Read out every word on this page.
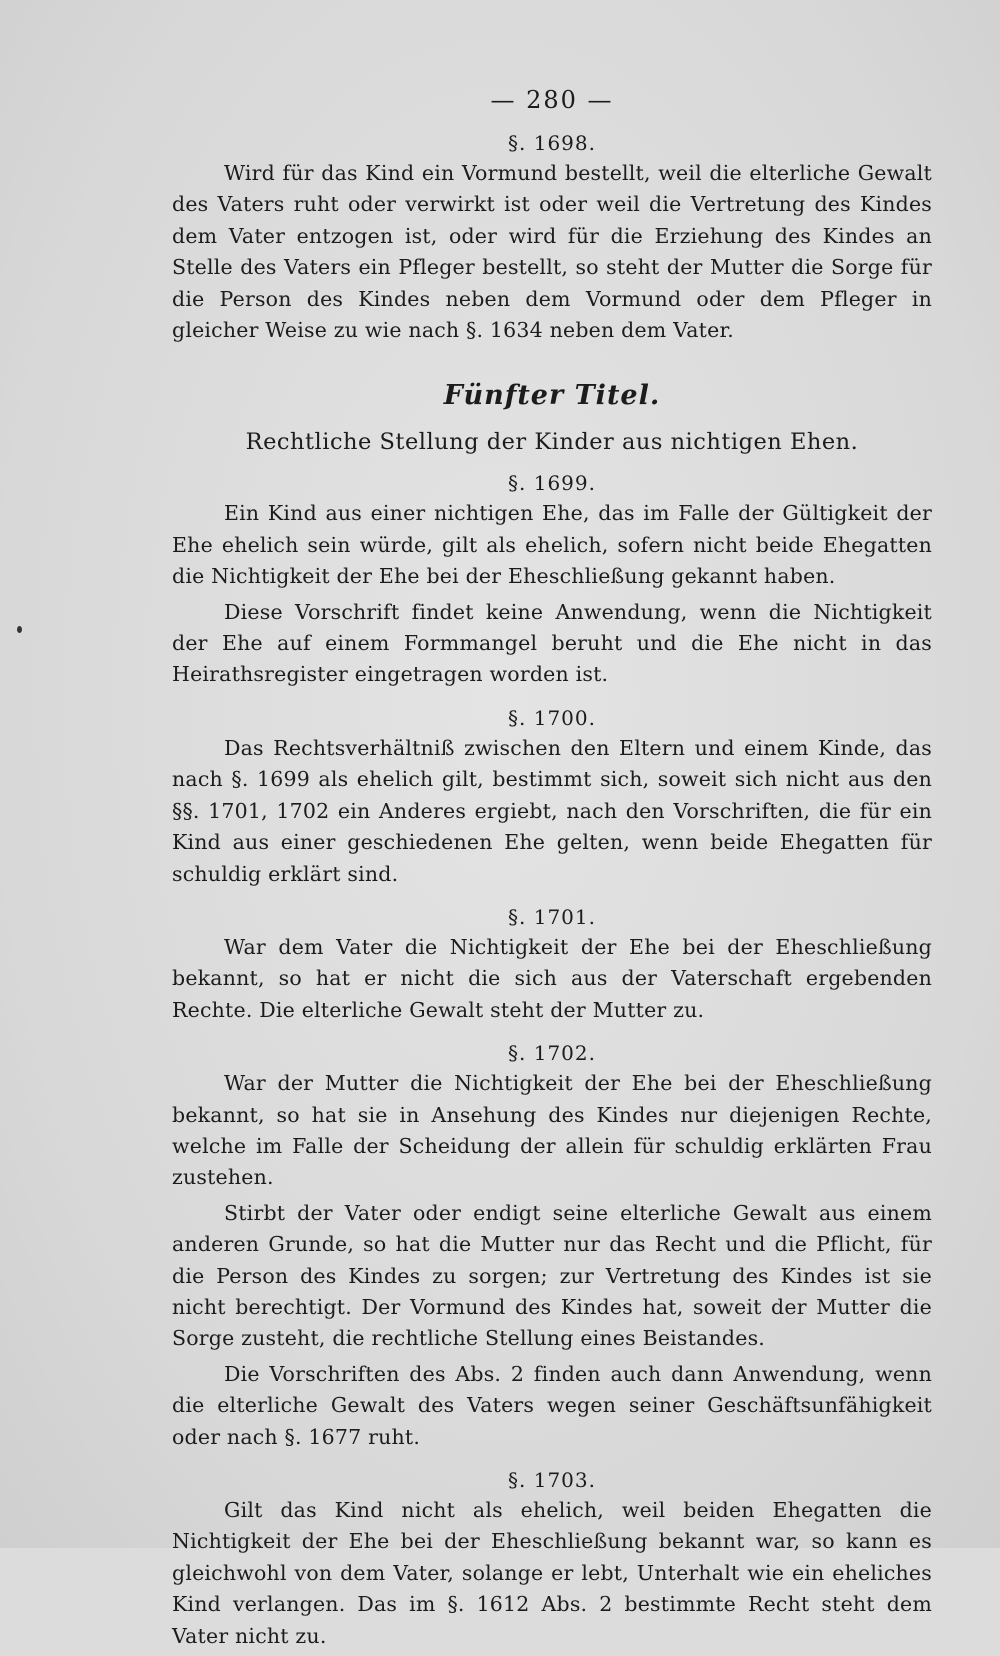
— 280 —
§. 1698.

Wird für das Kind ein Vormund bestellt, weil die elterliche Gewalt des Vaters ruht oder verwirkt ist oder weil die Vertretung des Kindes dem Vater entzogen ist, oder wird für die Erziehung des Kindes an Stelle des Vaters ein Pfleger bestellt, so steht der Mutter die Sorge für die Person des Kindes neben dem Vormund oder dem Pfleger in gleicher Weise zu wie nach §. 1634 neben dem Vater.

Fünfter Titel.
Rechtliche Stellung der Kinder aus nichtigen Ehen.
§. 1699.

Ein Kind aus einer nichtigen Ehe, das im Falle der Gültigkeit der Ehe ehelich sein würde, gilt als ehelich, sofern nicht beide Ehegatten die Nichtigkeit der Ehe bei der Eheschließung gekannt haben.

Diese Vorschrift findet keine Anwendung, wenn die Nichtigkeit der Ehe auf einem Formmangel beruht und die Ehe nicht in das Heirathsregister eingetragen worden ist.

§. 1700.

Das Rechtsverhältniß zwischen den Eltern und einem Kinde, das nach §. 1699 als ehelich gilt, bestimmt sich, soweit sich nicht aus den §§. 1701, 1702 ein Anderes ergiebt, nach den Vorschriften, die für ein Kind aus einer geschiedenen Ehe gelten, wenn beide Ehegatten für schuldig erklärt sind.

§. 1701.

War dem Vater die Nichtigkeit der Ehe bei der Eheschließung bekannt, so hat er nicht die sich aus der Vaterschaft ergebenden Rechte. Die elterliche Gewalt steht der Mutter zu.

§. 1702.

War der Mutter die Nichtigkeit der Ehe bei der Eheschließung bekannt, so hat sie in Ansehung des Kindes nur diejenigen Rechte, welche im Falle der Scheidung der allein für schuldig erklärten Frau zustehen.

Stirbt der Vater oder endigt seine elterliche Gewalt aus einem anderen Grunde, so hat die Mutter nur das Recht und die Pflicht, für die Person des Kindes zu sorgen; zur Vertretung des Kindes ist sie nicht berechtigt. Der Vormund des Kindes hat, soweit der Mutter die Sorge zusteht, die rechtliche Stellung eines Beistandes.

Die Vorschriften des Abs. 2 finden auch dann Anwendung, wenn die elterliche Gewalt des Vaters wegen seiner Geschäftsunfähigkeit oder nach §. 1677 ruht.

§. 1703.

Gilt das Kind nicht als ehelich, weil beiden Ehegatten die Nichtigkeit der Ehe bei der Eheschließung bekannt war, so kann es gleichwohl von dem Vater, solange er lebt, Unterhalt wie ein eheliches Kind verlangen. Das im §. 1612 Abs. 2 bestimmte Recht steht dem Vater nicht zu.
